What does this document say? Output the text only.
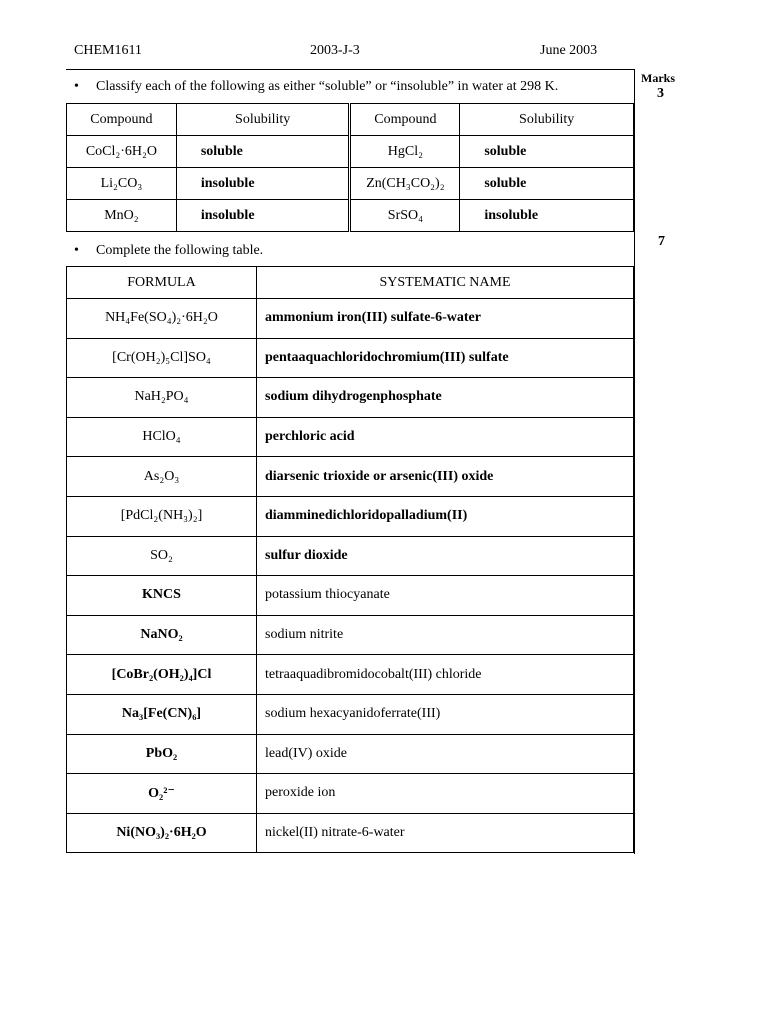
CHEM1611	2003-J-3	June 2003
Marks
3
7
•	Classify each of the following as either “soluble” or “insoluble” in water at 298 K.
Compound	Solubility	Compound	Solubility
CoCl₂·6H₂O	soluble	HgCl₂	soluble
Li₂CO₃	insoluble	Zn(CH₃CO₂)₂	soluble
MnO₂	insoluble	SrSO₄	insoluble
•	Complete the following table.
FORMULA	SYSTEMATIC NAME
NH₄Fe(SO₄)₂·6H₂O	ammonium iron(III) sulfate-6-water
[Cr(OH₂)₅Cl]SO₄	pentaaquachloridochromium(III) sulfate
NaH₂PO₄	sodium dihydrogenphosphate
HClO₄	perchloric acid
As₂O₃	diarsenic trioxide or arsenic(III) oxide
[PdCl₂(NH₃)₂]	diamminedichloridopalladium(II)
SO₂	sulfur dioxide
KNCS	potassium thiocyanate
NaNO₂	sodium nitrite
[CoBr₂(OH₂)₄]Cl	tetraaquadibromidocobalt(III) chloride
Na₃[Fe(CN)₆]	sodium hexacyanidoferrate(III)
PbO₂	lead(IV) oxide
O₂²⁻	peroxide ion
Ni(NO₃)₂·6H₂O	nickel(II) nitrate-6-water
